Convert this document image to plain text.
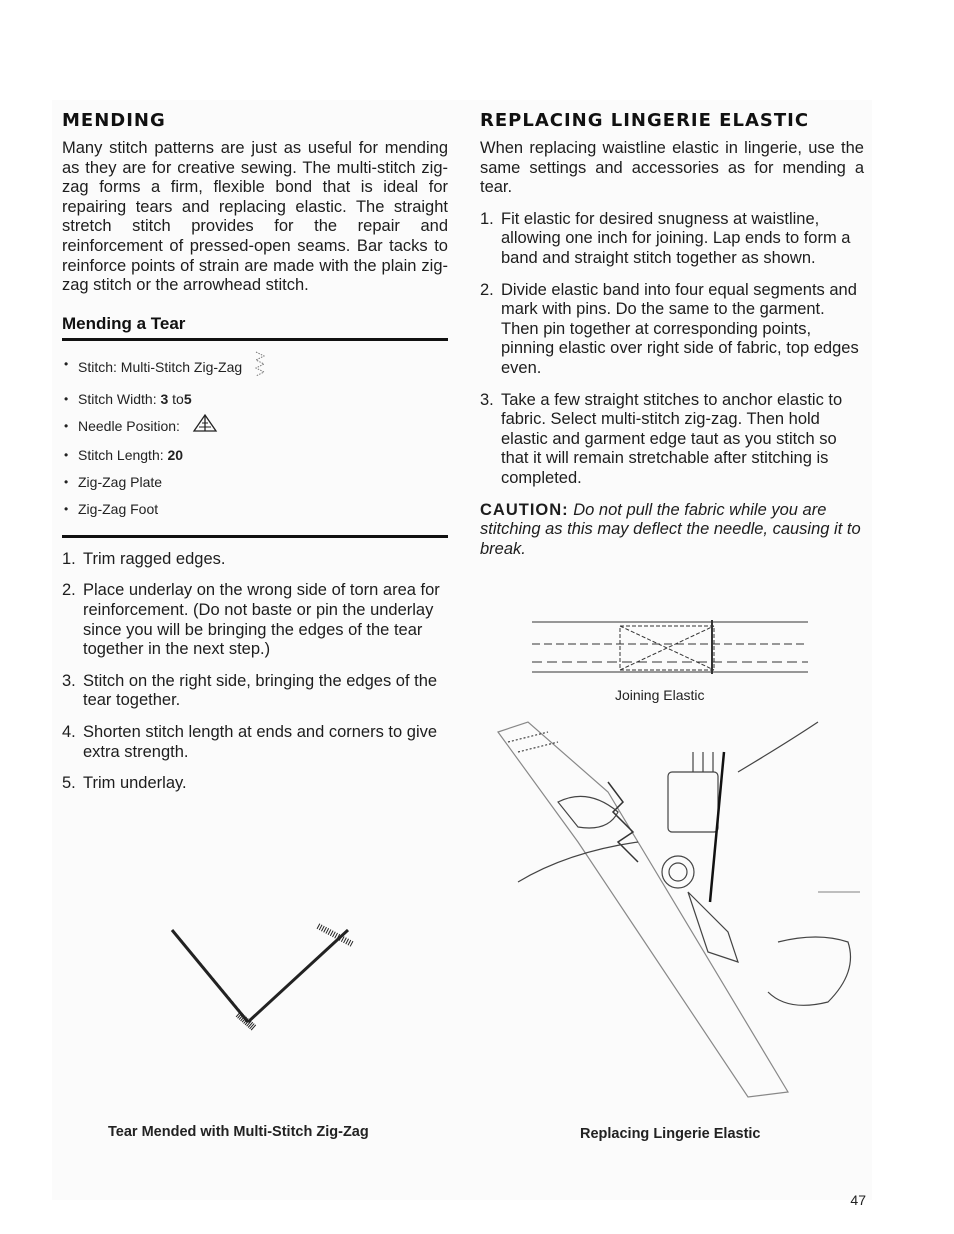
MENDING

Many stitch patterns are just as useful for mending as they are for creative sewing. The multi-stitch zig-zag forms a firm, flexible bond that is ideal for repairing tears and replacing elastic. The straight stretch stitch provides for the repair and reinforcement of pressed-open seams. Bar tacks to reinforce points of strain are made with the plain zig-zag stitch or the arrowhead stitch.

Mending a Tear
• Stitch: Multi-Stitch Zig-Zag
• Stitch Width: 3 to5
• Needle Position:
• Stitch Length: 20
• Zig-Zag Plate
• Zig-Zag Foot
1. Trim ragged edges.
2. Place underlay on the wrong side of torn area for reinforcement. (Do not baste or pin the underlay since you will be bringing the edges of the tear together in the next step.)
3. Stitch on the right side, bringing the edges of the tear together.
4. Shorten stitch length at ends and corners to give extra strength.
5. Trim underlay.
Tear Mended with Multi-Stitch Zig-Zag
REPLACING LINGERIE ELASTIC

When replacing waistline elastic in lingerie, use the same settings and accessories as for mending a tear.

1. Fit elastic for desired snugness at waistline, allowing one inch for joining. Lap ends to form a band and straight stitch together as shown.
2. Divide elastic band into four equal segments and mark with pins. Do the same to the garment. Then pin together at corresponding points, pinning elastic over right side of fabric, top edges even.
3. Take a few straight stitches to anchor elastic to fabric. Select multi-stitch zig-zag. Then hold elastic and garment edge taut as you stitch so that it will remain stretchable after stitching is completed.
CAUTION: Do not pull the fabric while you are stitching as this may deflect the needle, causing it to break.
Joining Elastic
Replacing Lingerie Elastic
47
